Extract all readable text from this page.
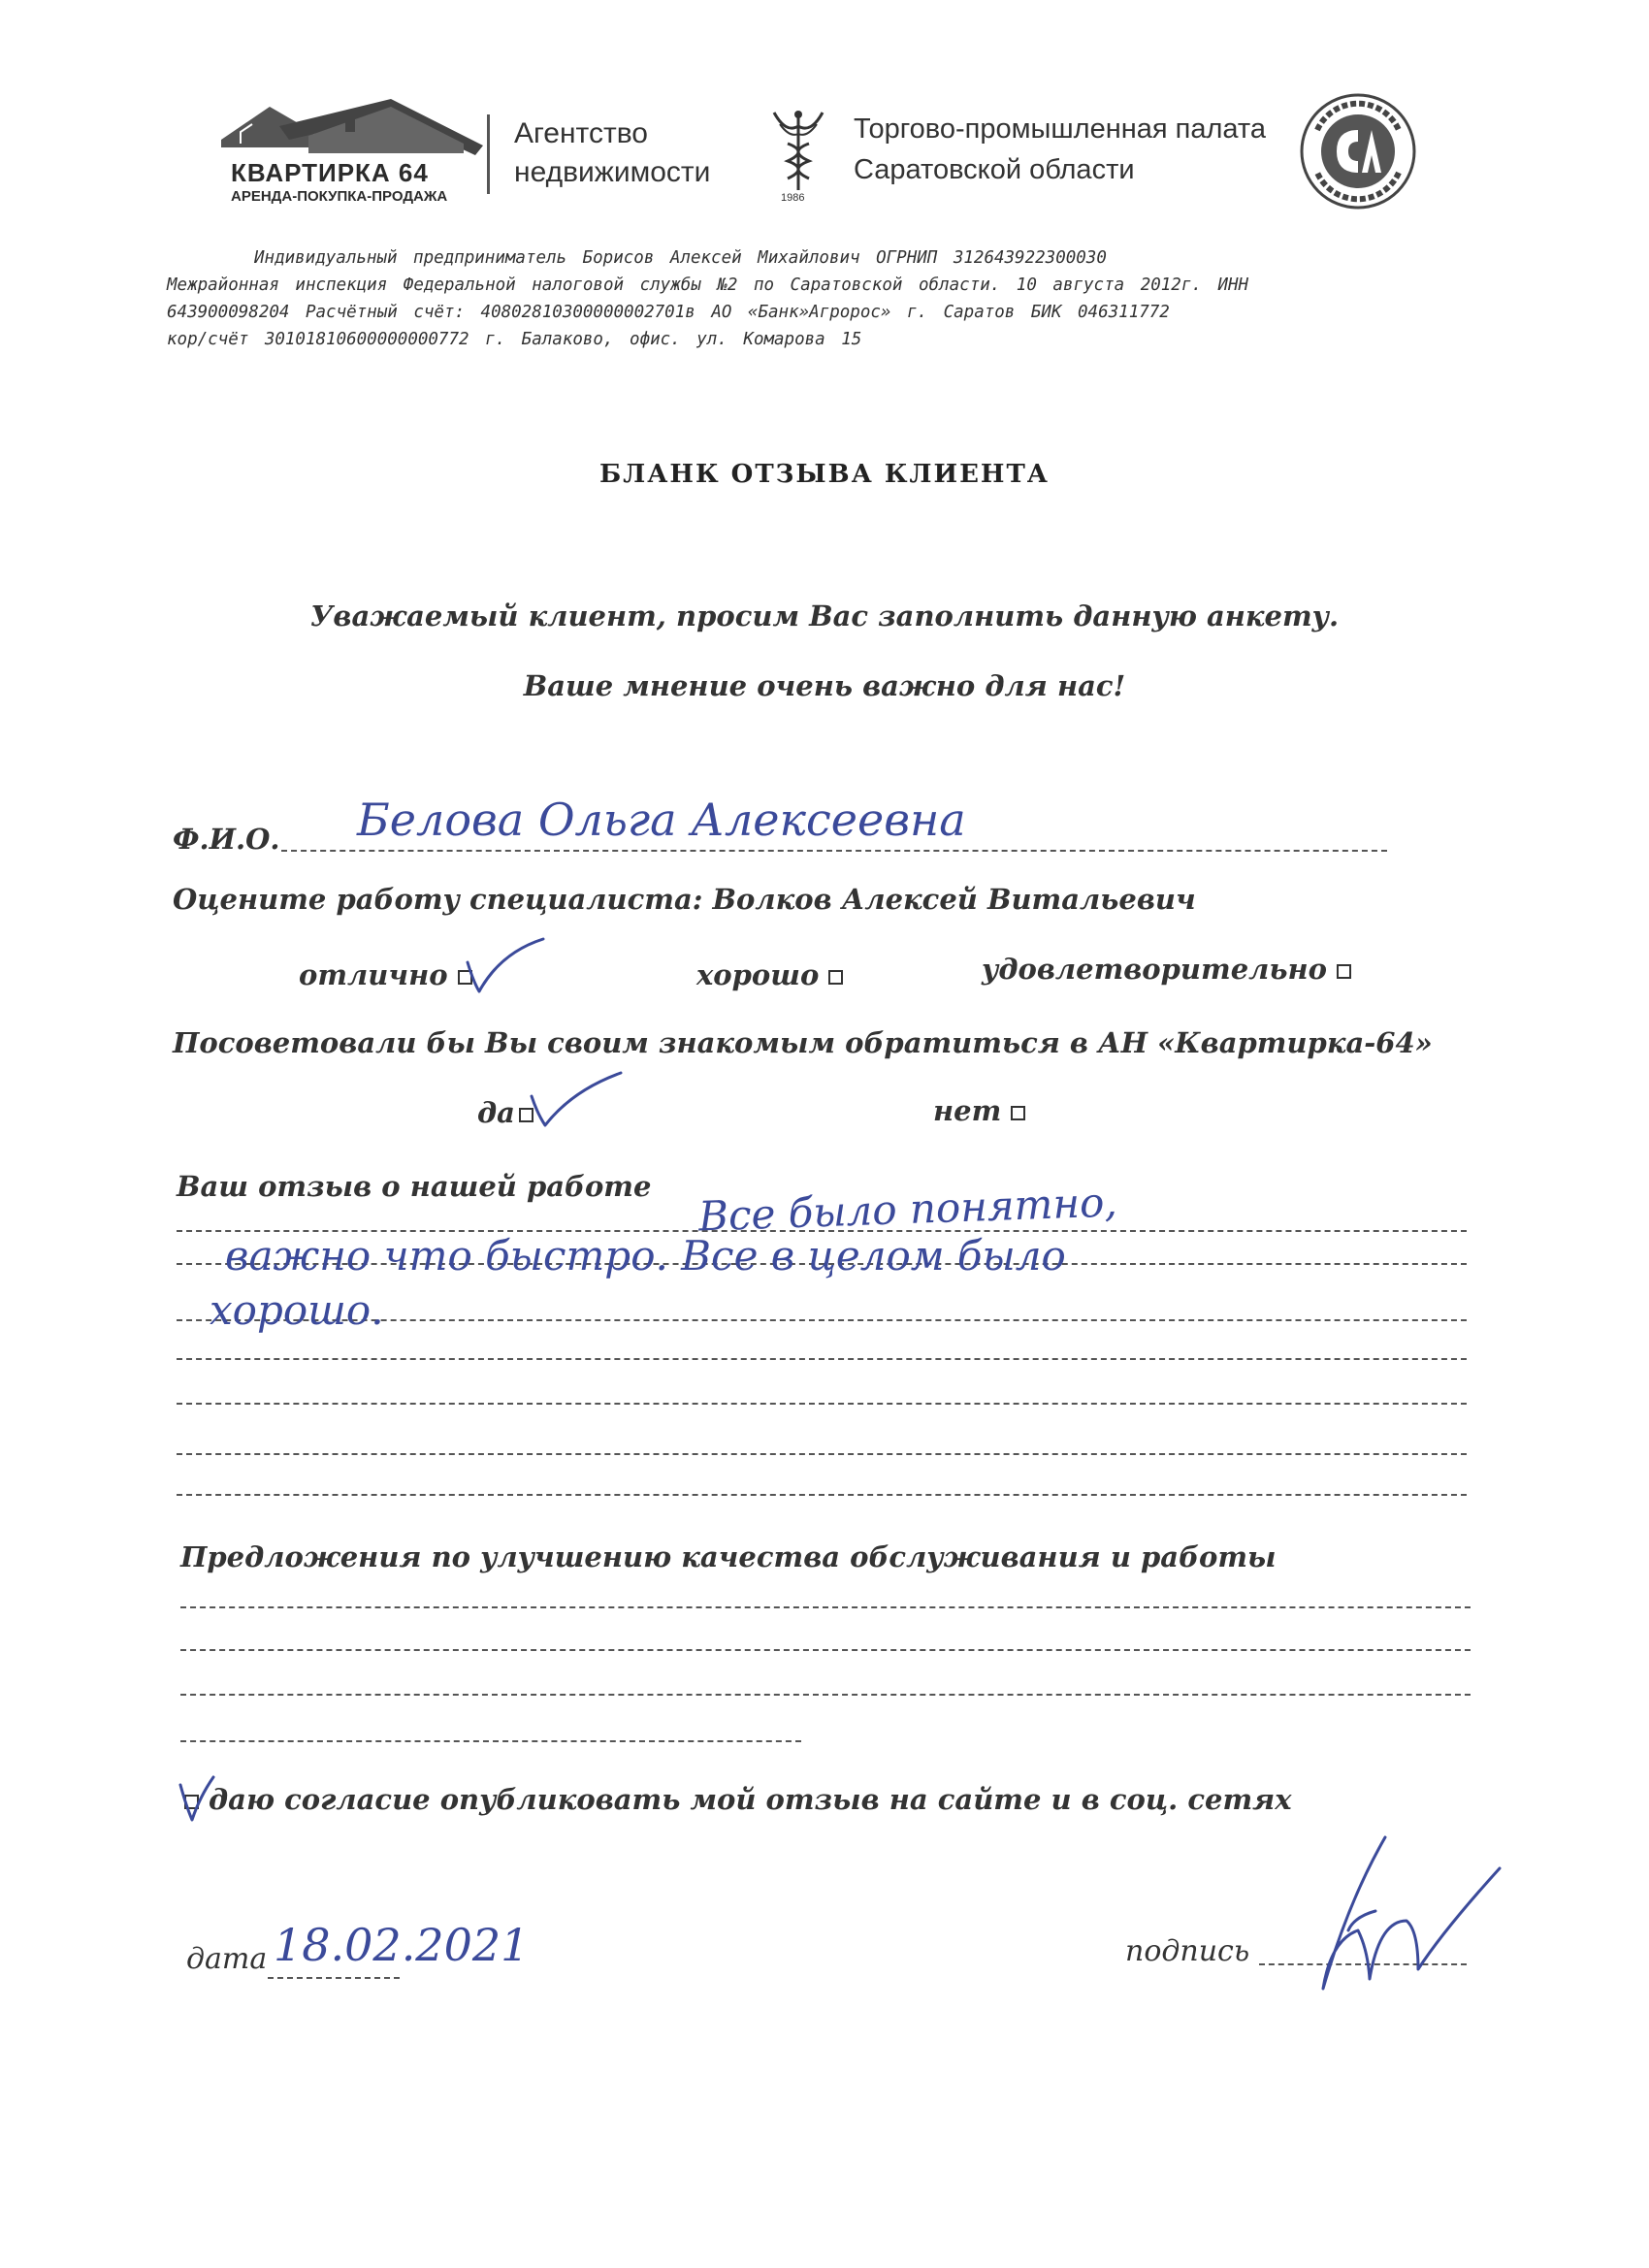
КВАРТИРКА 64
АРЕНДА-ПОКУПКА-ПРОДАЖА
Агентство
недвижимости
1986
Торгово-промышленная палата
Саратовской области
Индивидуальный предприниматель Борисов Алексей Михайлович ОГРНИП 312643922300030
Межрайонная инспекция Федеральной налоговой службы №2 по Саратовской области. 10 августа 2012г. ИНН
643900098204 Расчётный счёт: 40802810300000002701в АО «Банк»Агророс» г. Саратов БИК 046311772
кор/счёт 30101810600000000772 г. Балаково, офис. ул. Комарова 15
БЛАНК ОТЗЫВА КЛИЕНТА
Уважаемый клиент, просим Вас заполнить данную анкету.
Ваше мнение очень важно для нас!
Ф.И.О. Белова Ольга Алексеевна
Оцените работу специалиста: Волков Алексей Витальевич
отлично	хорошо	удовлетворительно
Посоветовали бы Вы своим знакомым обратиться в АН «Квартирка-64»
да	нет
Ваш отзыв о нашей работе Все было понятно,
важно что быстро. Все в целом было
хорошо.
Предложения по улучшению качества обслуживания и работы
даю согласие опубликовать мой отзыв на сайте и в соц. сетях
дата 18.02.2021	подпись
